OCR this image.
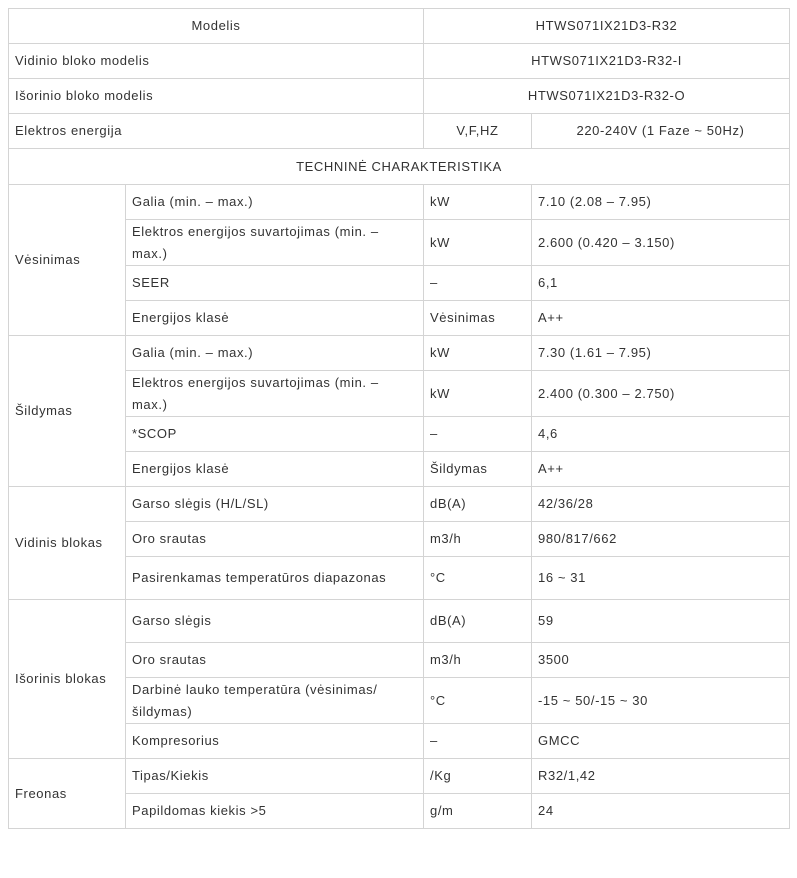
Modelis		HTWS071IX21D3-R32	
Vidinio bloko modelis		HTWS071IX21D3-R32-I	
Išorinio bloko modelis		HTWS071IX21D3-R32-O	
Elektros energija		V,F,HZ	220-240V (1 Faze ~ 50Hz)
TECHNINĖ CHARAKTERISTIKA			
Vėsinimas	Galia (min. – max.)	kW	7.10 (2.08 – 7.95)
	Elektros energijos suvartojimas (min. – max.)	kW	2.600 (0.420 – 3.150)
	SEER	–	6,1
	Energijos klasė	Vėsinimas	A++
Šildymas	Galia (min. – max.)	kW	7.30 (1.61 – 7.95)
	Elektros energijos suvartojimas (min. – max.)	kW	2.400 (0.300 – 2.750)
	*SCOP	–	4,6
	Energijos klasė	Šildymas	A++
Vidinis blokas	Garso slėgis (H/L/SL)	dB(A)	42/36/28
	Oro srautas	m3/h	980/817/662
	Pasirenkamas temperatūros diapazonas	°C	16 ~ 31
Išorinis blokas	Garso slėgis	dB(A)	59
	Oro srautas	m3/h	3500
	Darbinė lauko temperatūra (vėsinimas/šildymas)	°C	-15 ~ 50/-15 ~ 30
	Kompresorius	–	GMCC
Freonas	Tipas/Kiekis	/Kg	R32/1,42
	Papildomas kiekis >5	g/m	24
